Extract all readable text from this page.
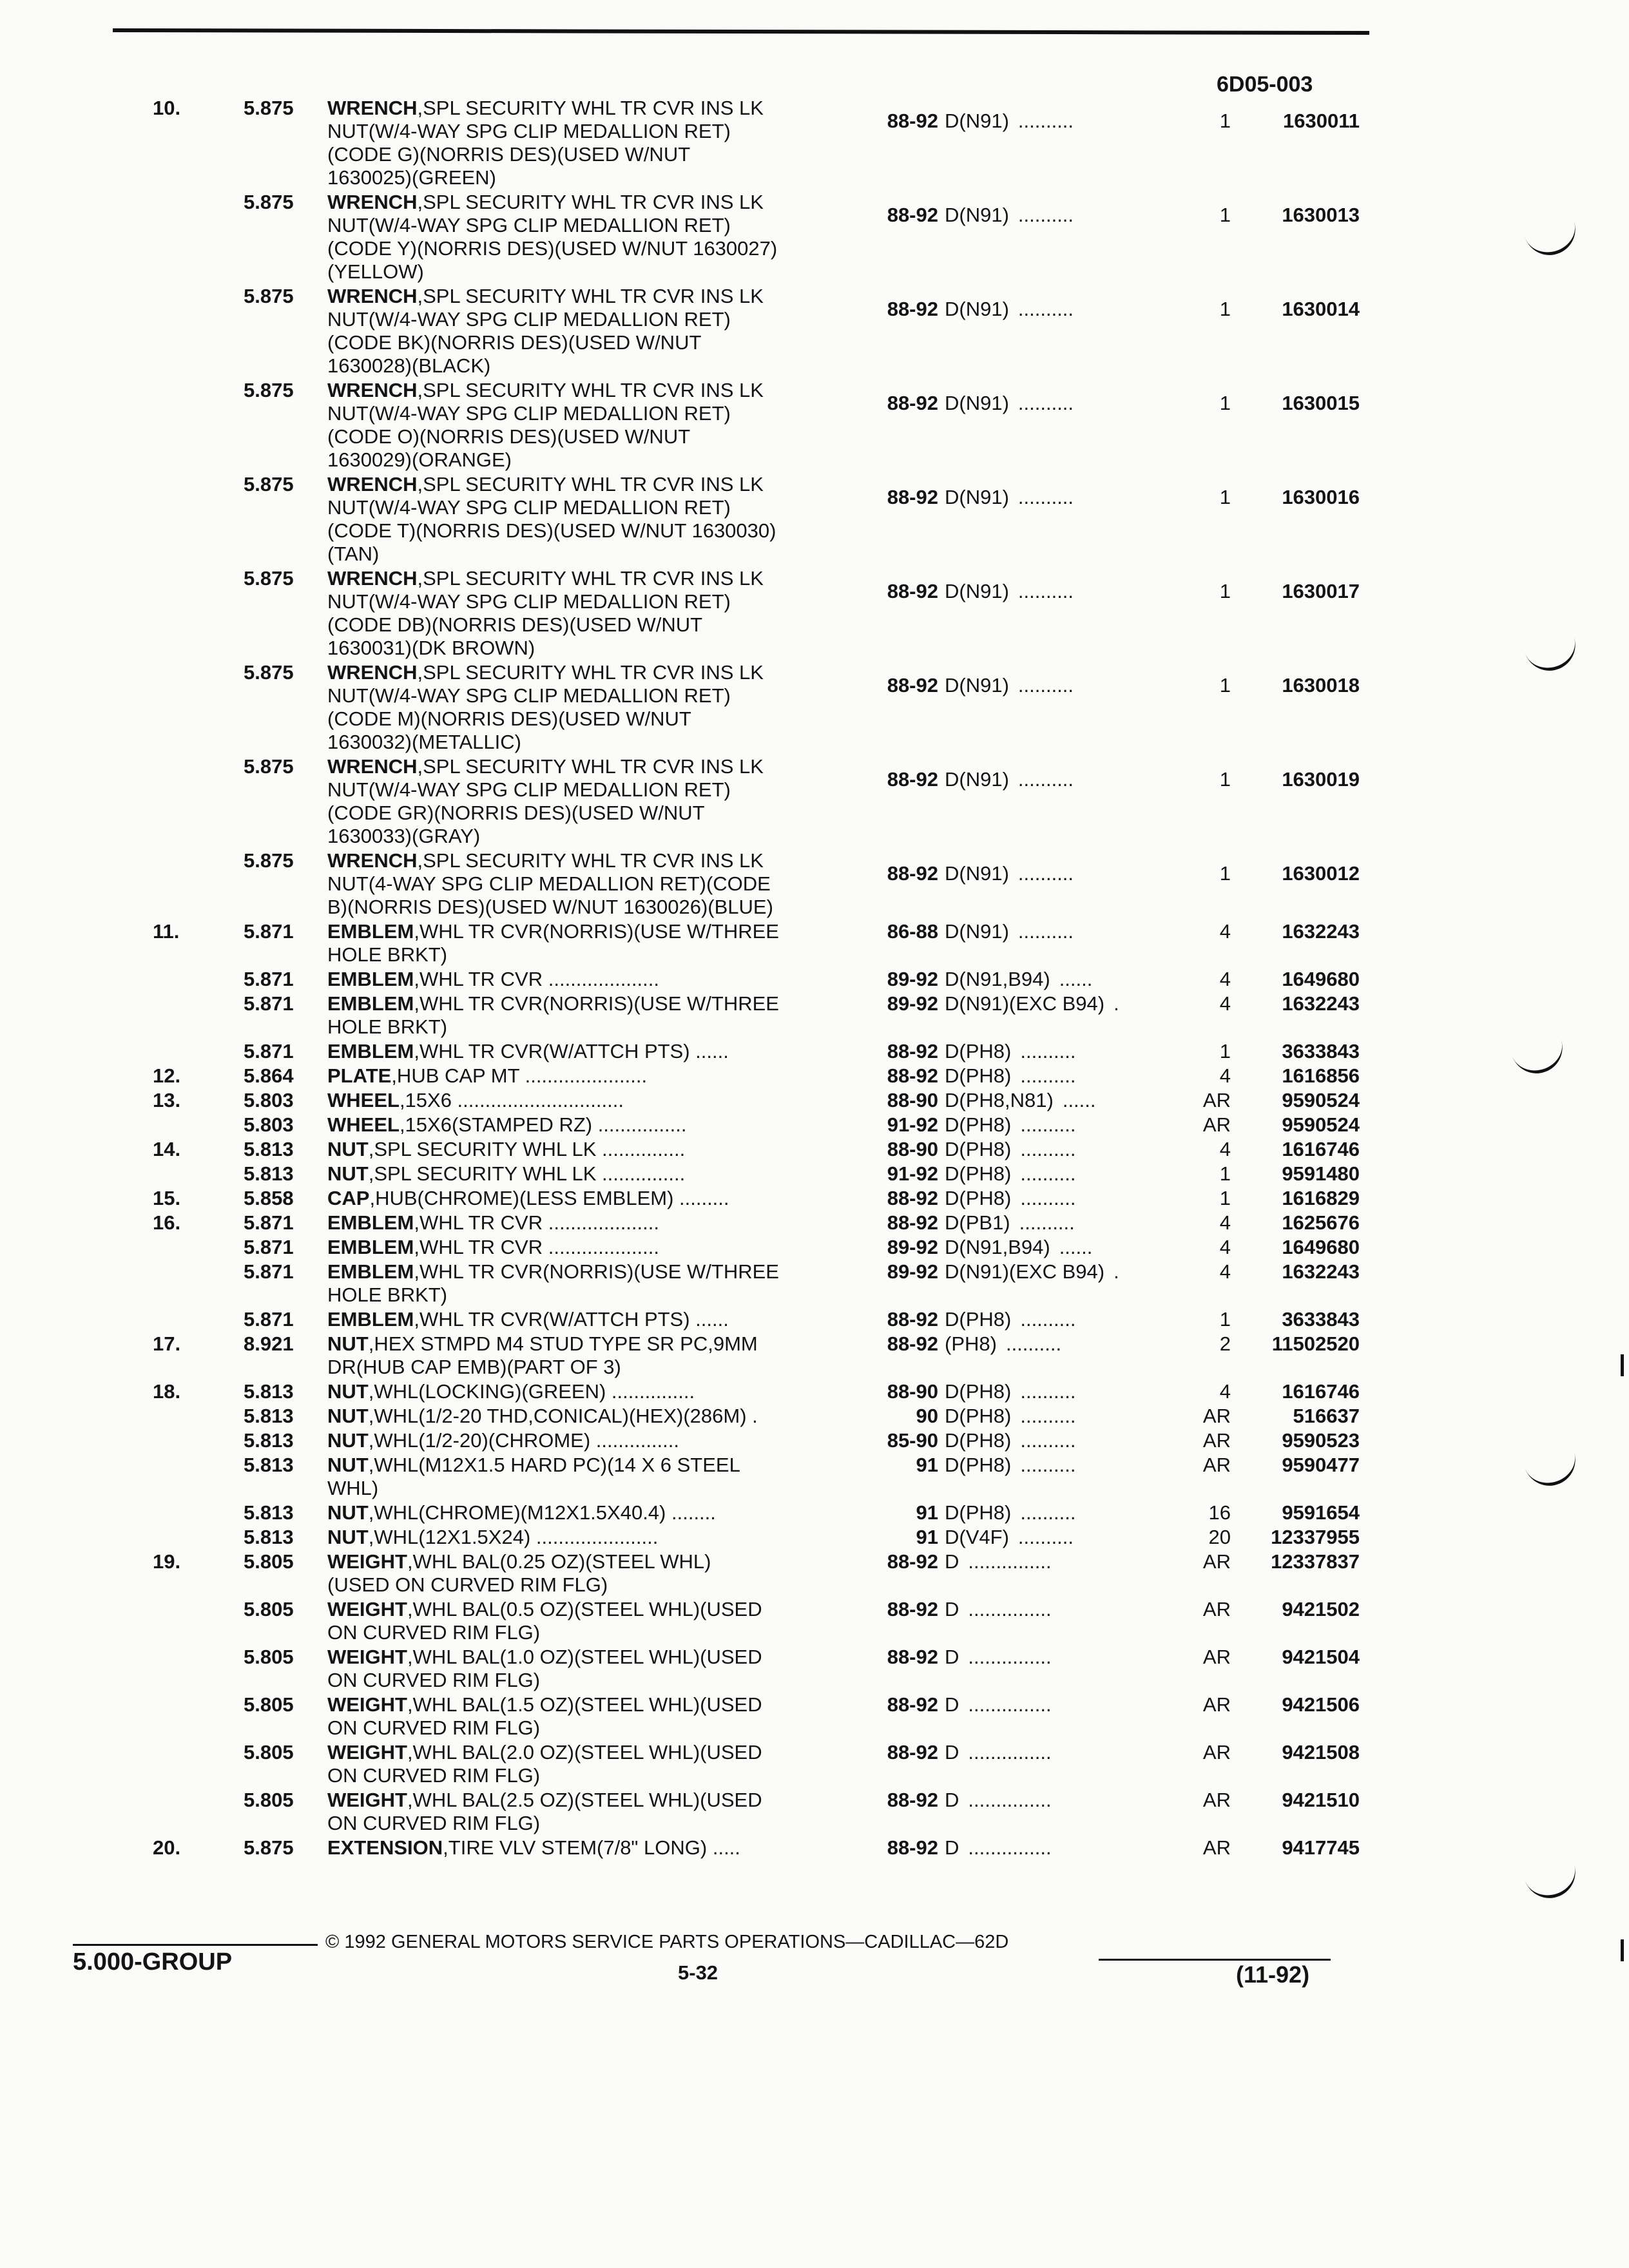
6D05-003
10.	5.875 WRENCH,SPL SECURITY WHL TR CVR INS LK
NUT(W/4-WAY SPG CLIP MEDALLION RET)
(CODE G)(NORRIS DES)(USED W/NUT
1630025)(GREEN)
88-92 D(N91) ..........	1	1630011
5.875 WRENCH,SPL SECURITY WHL TR CVR INS LK
NUT(W/4-WAY SPG CLIP MEDALLION RET)
(CODE Y)(NORRIS DES)(USED W/NUT 1630027)
(YELLOW)
88-92 D(N91) ..........	1	1630013
5.875 WRENCH,SPL SECURITY WHL TR CVR INS LK
NUT(W/4-WAY SPG CLIP MEDALLION RET)
(CODE BK)(NORRIS DES)(USED W/NUT
1630028)(BLACK)
88-92 D(N91) ..........	1	1630014
5.875 WRENCH,SPL SECURITY WHL TR CVR INS LK
NUT(W/4-WAY SPG CLIP MEDALLION RET)
(CODE O)(NORRIS DES)(USED W/NUT
1630029)(ORANGE)
88-92 D(N91) ..........	1	1630015
5.875 WRENCH,SPL SECURITY WHL TR CVR INS LK
NUT(W/4-WAY SPG CLIP MEDALLION RET)
(CODE T)(NORRIS DES)(USED W/NUT 1630030)
(TAN)
88-92 D(N91) ..........	1	1630016
5.875 WRENCH,SPL SECURITY WHL TR CVR INS LK
NUT(W/4-WAY SPG CLIP MEDALLION RET)
(CODE DB)(NORRIS DES)(USED W/NUT
1630031)(DK BROWN)
88-92 D(N91) ..........	1	1630017
5.875 WRENCH,SPL SECURITY WHL TR CVR INS LK
NUT(W/4-WAY SPG CLIP MEDALLION RET)
(CODE M)(NORRIS DES)(USED W/NUT
1630032)(METALLIC)
88-92 D(N91) ..........	1	1630018
5.875 WRENCH,SPL SECURITY WHL TR CVR INS LK
NUT(W/4-WAY SPG CLIP MEDALLION RET)
(CODE GR)(NORRIS DES)(USED W/NUT
1630033)(GRAY)
88-92 D(N91) ..........	1	1630019
5.875 WRENCH,SPL SECURITY WHL TR CVR INS LK
NUT(4-WAY SPG CLIP MEDALLION RET)(CODE
B)(NORRIS DES)(USED W/NUT 1630026)(BLUE)
88-92 D(N91) ..........	1	1630012
11.	5.871 EMBLEM,WHL TR CVR(NORRIS)(USE W/THREE
HOLE BRKT)
86-88 D(N91) ..........	4	1632243
5.871 EMBLEM,WHL TR CVR ....................	89-92 D(N91,B94) ......	4	1649680
5.871 EMBLEM,WHL TR CVR(NORRIS)(USE W/THREE
HOLE BRKT)
89-92 D(N91)(EXC B94) .	4	1632243
5.871 EMBLEM,WHL TR CVR(W/ATTCH PTS) ......	88-92 D(PH8) ..........	1	3633843
12.	5.864 PLATE,HUB CAP MT ......................	88-92 D(PH8) ..........	4	1616856
13.	5.803 WHEEL,15X6 ..............................	88-90 D(PH8,N81) ......	AR	9590524
5.803 WHEEL,15X6(STAMPED RZ) ................	91-92 D(PH8) ..........	AR	9590524
14.	5.813 NUT,SPL SECURITY WHL LK ...............	88-90 D(PH8) ..........	4	1616746
5.813 NUT,SPL SECURITY WHL LK ...............	91-92 D(PH8) ..........	1	9591480
15.	5.858 CAP,HUB(CHROME)(LESS EMBLEM) .........	88-92 D(PH8) ..........	1	1616829
16.	5.871 EMBLEM,WHL TR CVR ....................	88-92 D(PB1) ..........	4	1625676
5.871 EMBLEM,WHL TR CVR ....................	89-92 D(N91,B94) ......	4	1649680
5.871 EMBLEM,WHL TR CVR(NORRIS)(USE W/THREE
HOLE BRKT)
89-92 D(N91)(EXC B94) .	4	1632243
5.871 EMBLEM,WHL TR CVR(W/ATTCH PTS) ......	88-92 D(PH8) ..........	1	3633843
17.	8.921 NUT,HEX STMPD M4 STUD TYPE SR PC,9MM
DR(HUB CAP EMB)(PART OF 3)
88-92 (PH8) ..........	2	11502520
18.	5.813 NUT,WHL(LOCKING)(GREEN) ...............	88-90 D(PH8) ..........	4	1616746
5.813 NUT,WHL(1/2-20 THD,CONICAL)(HEX)(286M) .	90 D(PH8) ..........	AR	516637
5.813 NUT,WHL(1/2-20)(CHROME) ...............	85-90 D(PH8) ..........	AR	9590523
5.813 NUT,WHL(M12X1.5 HARD PC)(14 X 6 STEEL
WHL)
91 D(PH8) ..........	AR	9590477
5.813 NUT,WHL(CHROME)(M12X1.5X40.4) ........	91 D(PH8) ..........	16	9591654
5.813 NUT,WHL(12X1.5X24) ......................	91 D(V4F) ..........	20	12337955
19.	5.805 WEIGHT,WHL BAL(0.25 OZ)(STEEL WHL)
(USED ON CURVED RIM FLG)
88-92 D ...............	AR	12337837
5.805 WEIGHT,WHL BAL(0.5 OZ)(STEEL WHL)(USED
ON CURVED RIM FLG)
88-92 D ...............	AR	9421502
5.805 WEIGHT,WHL BAL(1.0 OZ)(STEEL WHL)(USED
ON CURVED RIM FLG)
88-92 D ...............	AR	9421504
5.805 WEIGHT,WHL BAL(1.5 OZ)(STEEL WHL)(USED
ON CURVED RIM FLG)
88-92 D ...............	AR	9421506
5.805 WEIGHT,WHL BAL(2.0 OZ)(STEEL WHL)(USED
ON CURVED RIM FLG)
88-92 D ...............	AR	9421508
5.805 WEIGHT,WHL BAL(2.5 OZ)(STEEL WHL)(USED
ON CURVED RIM FLG)
88-92 D ...............	AR	9421510
20.	5.875 EXTENSION,TIRE VLV STEM(7/8" LONG) .....	88-92 D ...............	AR	9417745
5.000-GROUP
© 1992 GENERAL MOTORS SERVICE PARTS OPERATIONS—CADILLAC—62D
5-32	(11-92)
